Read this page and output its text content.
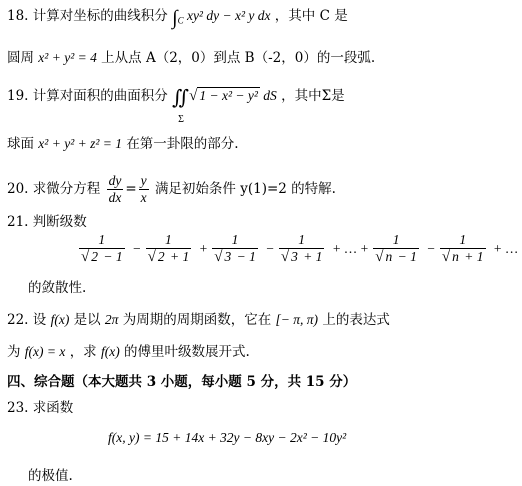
18. 计算对坐标的曲线积分 $\int_C$ xy² dy − x² y dx ，其中 C 是
圆周 x² + y² = 4 上从点 A（2，0）到点 B（-2，0）的一段弧.
19. 计算对面积的曲面积分 ∬
Σ
√ 1 − x² − y² dS ，其中Σ是
球面 x² + y² + z² = 1 在第一卦限的部分.
20. 求微分方程 $\frac{dy}{dx} = \frac{y}{x}$ 满足初始条件 y(1)=2 的特解.
21. 判断级数
$\frac{1}{√ 2 - 1} - \frac{1}{√ 2 + 1} + \frac{1}{√ 3 - 1} - \frac{1}{√ 3 + 1}$ + … + $\frac{1}{√ n - 1} - \frac{1}{√ n + 1}$ + …
的敛散性.
22. 设 f(x) 是以 2π 为周期的周期函数，它在 [− π, π) 上的表达式
为 f(x) = x ，求 f(x) 的傅里叶级数展开式.
四、综合题（本大题共 3 小题，每小题 5 分，共 15 分）
23. 求函数
f(x, y) = 15 + 14x + 32y − 8xy − 2x² − 10y²
的极值.
